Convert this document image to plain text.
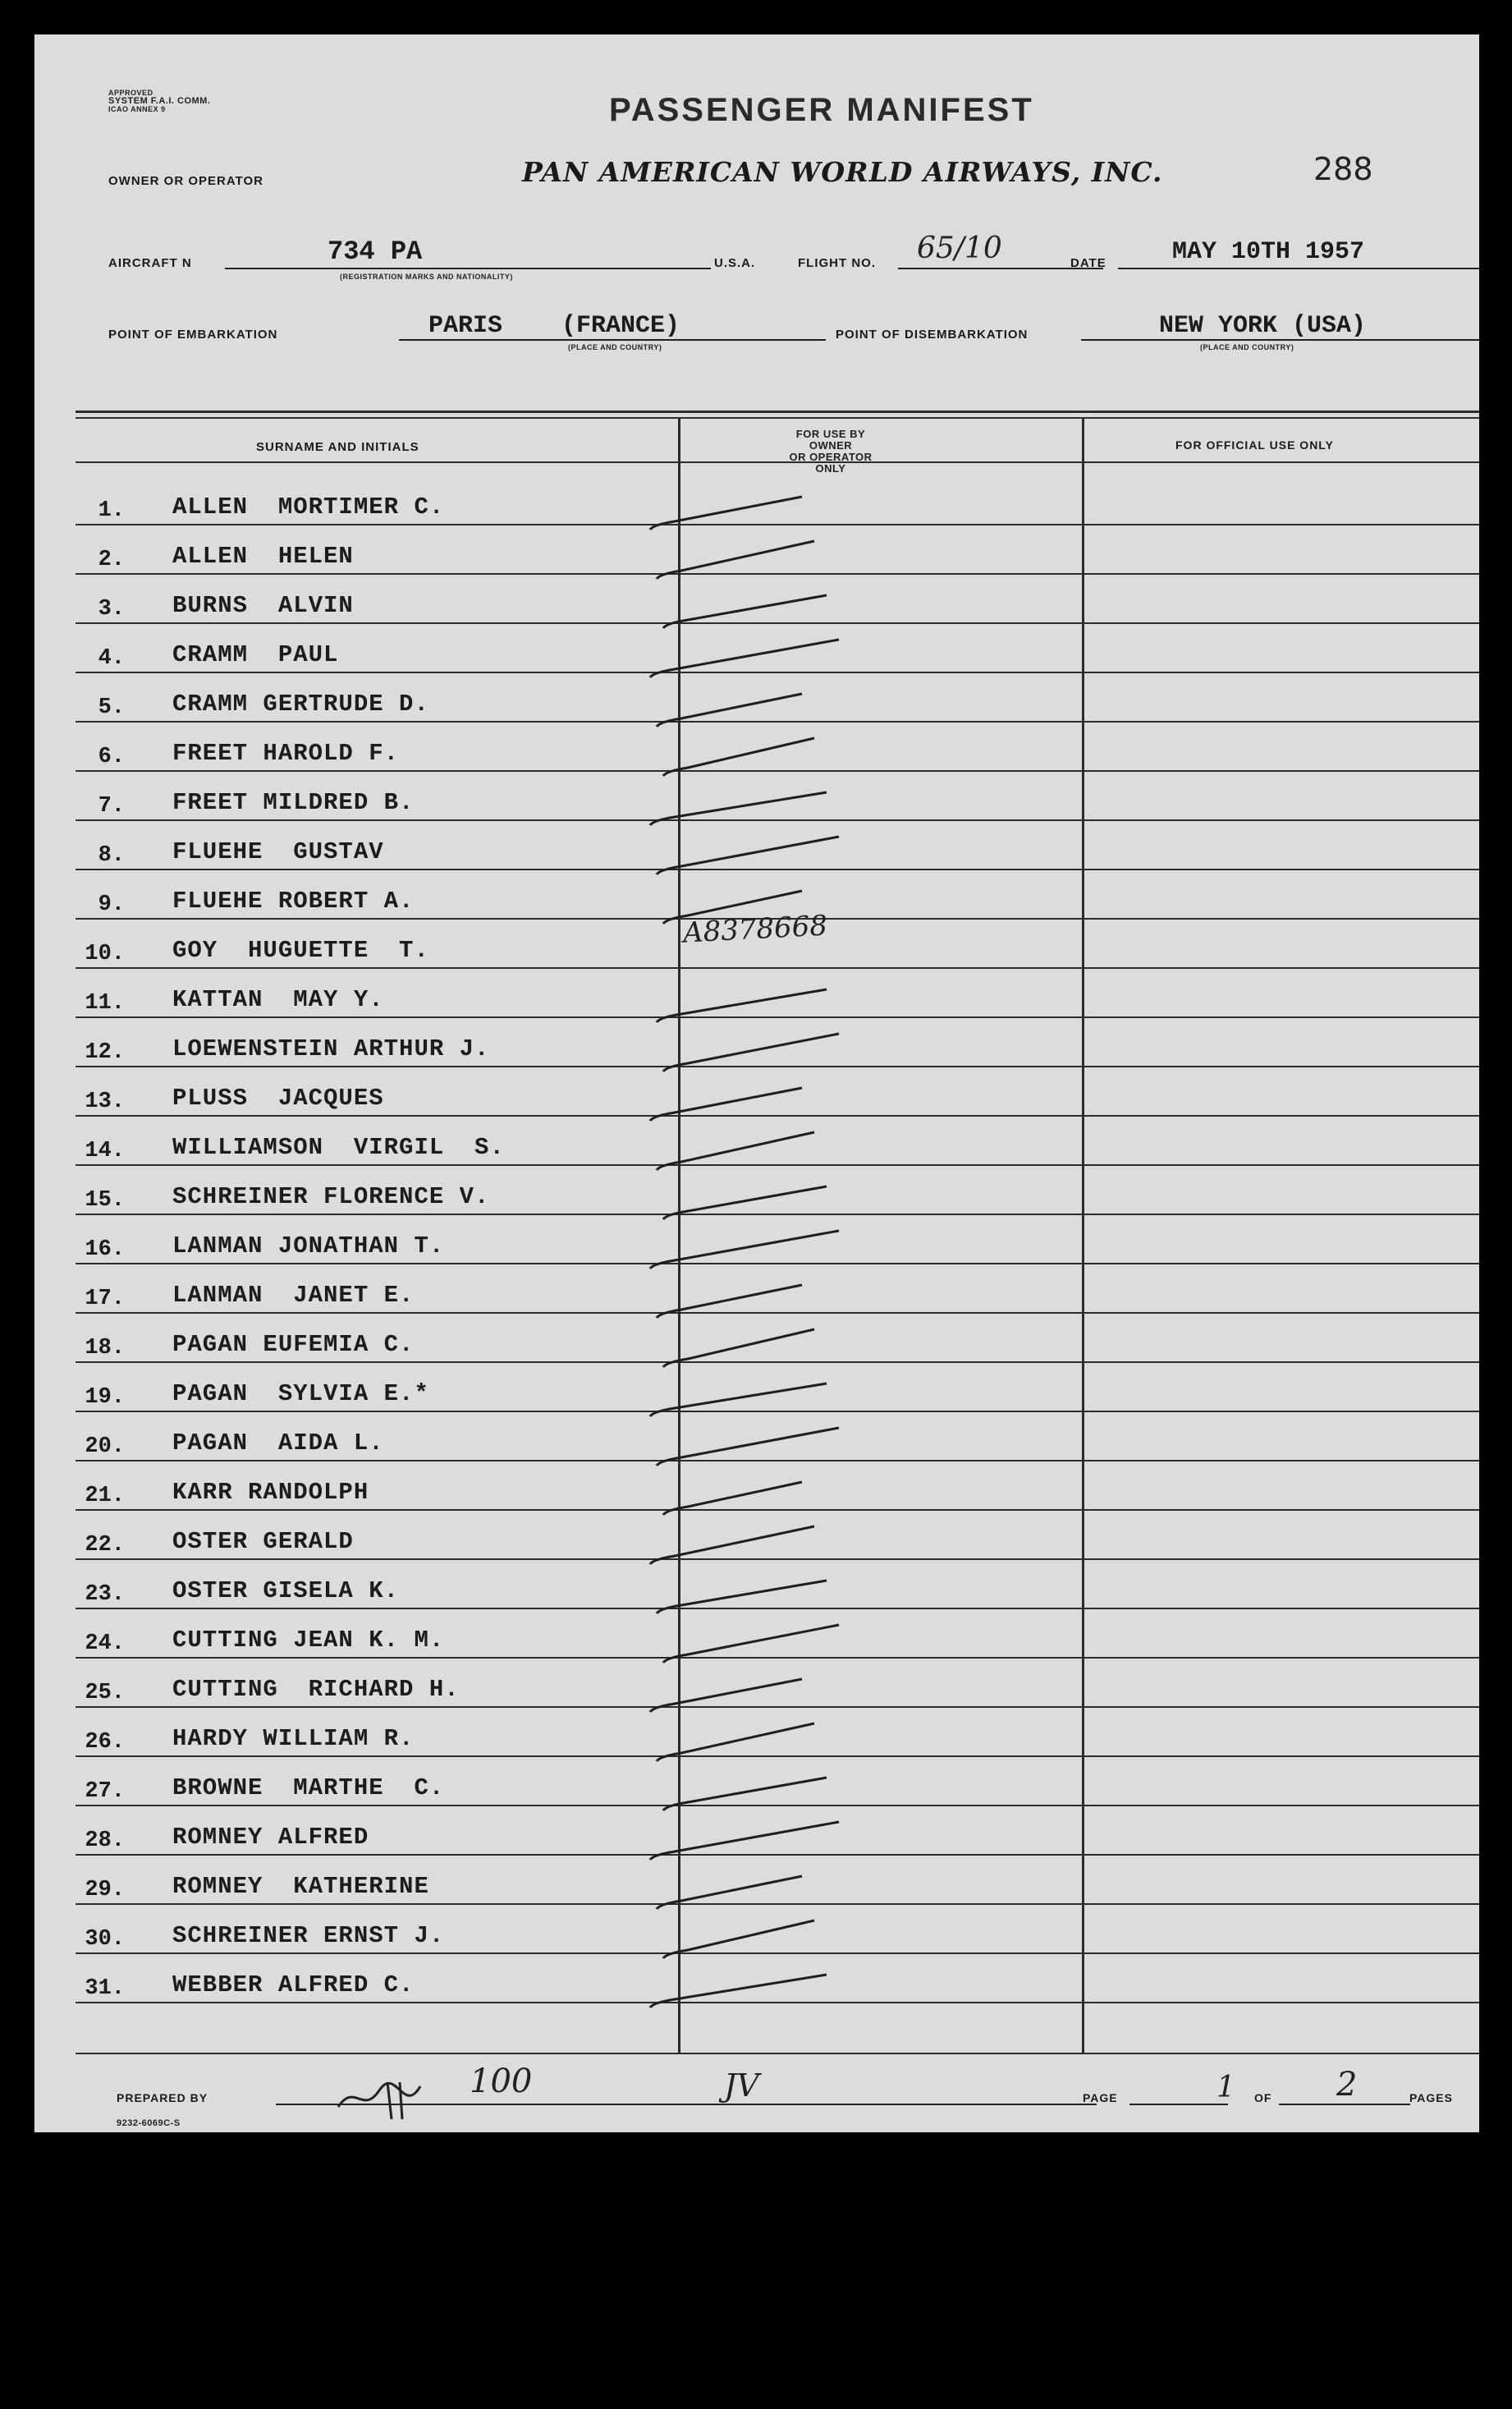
APPROVED
SYSTEM F.A.I. COMM.
ICAO ANNEX 9	PASSENGER MANIFEST
OWNER OR OPERATOR	PAN AMERICAN WORLD AIRWAYS, INC.	288
AIRCRAFT N	734 PA
(REGISTRATION MARKS AND NATIONALITY)
U.S.A.	FLIGHT NO. 65/10	DATE	MAY 10TH 1957
POINT OF EMBARKATION	PARIS    (FRANCE)
(PLACE AND COUNTRY)
POINT OF DISEMBARKATION	NEW YORK (USA)
(PLACE AND COUNTRY)
SURNAME AND INITIALS
FOR USE BY OWNER
OR OPERATOR ONLY
FOR OFFICIAL USE ONLY
1. ALLEN  MORTIMER C.
2. ALLEN  HELEN
3. BURNS  ALVIN
4. CRAMM  PAUL
5. CRAMM GERTRUDE D.
6. FREET HAROLD F.
7. FREET MILDRED B.
8. FLUEHE  GUSTAV
9. FLUEHE ROBERT A.
10. GOY  HUGUETTE  T.
11. KATTAN  MAY Y.
12. LOEWENSTEIN ARTHUR J.
13. PLUSS  JACQUES
14. WILLIAMSON  VIRGIL  S.
15. SCHREINER FLORENCE V.
16. LANMAN JONATHAN T.
17. LANMAN  JANET E.
18. PAGAN EUFEMIA C.
19. PAGAN  SYLVIA E.*
20. PAGAN  AIDA L.
21. KARR RANDOLPH
22. OSTER GERALD
23. OSTER GISELA K.
24. CUTTING JEAN K. M.
25. CUTTING  RICHARD H.
26. HARDY WILLIAM R.
27. BROWNE  MARTHE  C.
28. ROMNEY ALFRED
29. ROMNEY  KATHERINE
30. SCHREINER ERNST J.
31. WEBBER ALFRED C.
A8378668
PREPARED BY
9232-6069C-S
100	JV	PAGE	1 OF 2	PAGES
